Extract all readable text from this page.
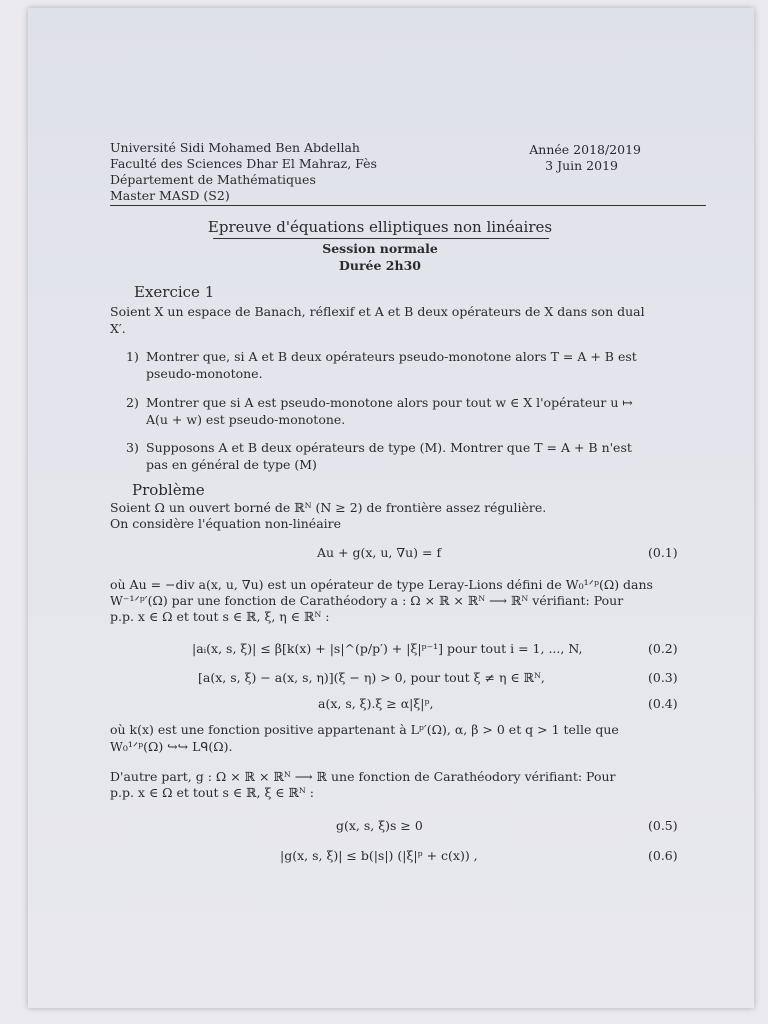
Université Sidi Mohamed Ben Abdellah
Faculté des Sciences Dhar El Mahraz, Fès
Département de Mathématiques
Master MASD (S2)
Année 2018/2019
3 Juin 2019
Epreuve d'équations elliptiques non linéaires
Session normale
Durée 2h30
Exercice 1
Soient X un espace de Banach, réflexif et A et B deux opérateurs de X dans son dual
X′.
1) Montrer que, si A et B deux opérateurs pseudo-monotone alors T = A + B est
pseudo-monotone.
2) Montrer que si A est pseudo-monotone alors pour tout w ∈ X l'opérateur u ↦
A(u + w) est pseudo-monotone.
3) Supposons A et B deux opérateurs de type (M). Montrer que T = A + B n'est
pas en général de type (M)
Problème
Soient Ω un ouvert borné de ℝᴺ (N ≥ 2) de frontière assez régulière.
On considère l'équation non-linéaire
Au + g(x, u, ∇u) = f	(0.1)
où Au = −div a(x, u, ∇u) est un opérateur de type Leray-Lions défini de W₀¹ᐟᵖ(Ω) dans
W⁻¹ᐟᵖ′(Ω) par une fonction de Carathéodory a : Ω × ℝ × ℝᴺ ⟶ ℝᴺ vérifiant: Pour
p.p. x ∈ Ω et tout s ∈ ℝ, ξ, η ∈ ℝᴺ :
|aᵢ(x, s, ξ)| ≤ β[k(x) + |s|^(p/p′) + |ξ|ᵖ⁻¹] pour tout i = 1, ..., N,	(0.2)
[a(x, s, ξ) − a(x, s, η)](ξ − η) > 0, pour tout ξ ≠ η ∈ ℝᴺ,	(0.3)
a(x, s, ξ).ξ ≥ α|ξ|ᵖ,	(0.4)
où k(x) est une fonction positive appartenant à Lᵖ′(Ω), α, β > 0 et q > 1 telle que
W₀¹ᐟᵖ(Ω) ↪↪ Lᑫ(Ω).
D'autre part, g : Ω × ℝ × ℝᴺ ⟶ ℝ une fonction de Carathéodory vérifiant: Pour
p.p. x ∈ Ω et tout s ∈ ℝ, ξ ∈ ℝᴺ :
g(x, s, ξ)s ≥ 0	(0.5)
|g(x, s, ξ)| ≤ b(|s|) (|ξ|ᵖ + c(x)) ,	(0.6)
